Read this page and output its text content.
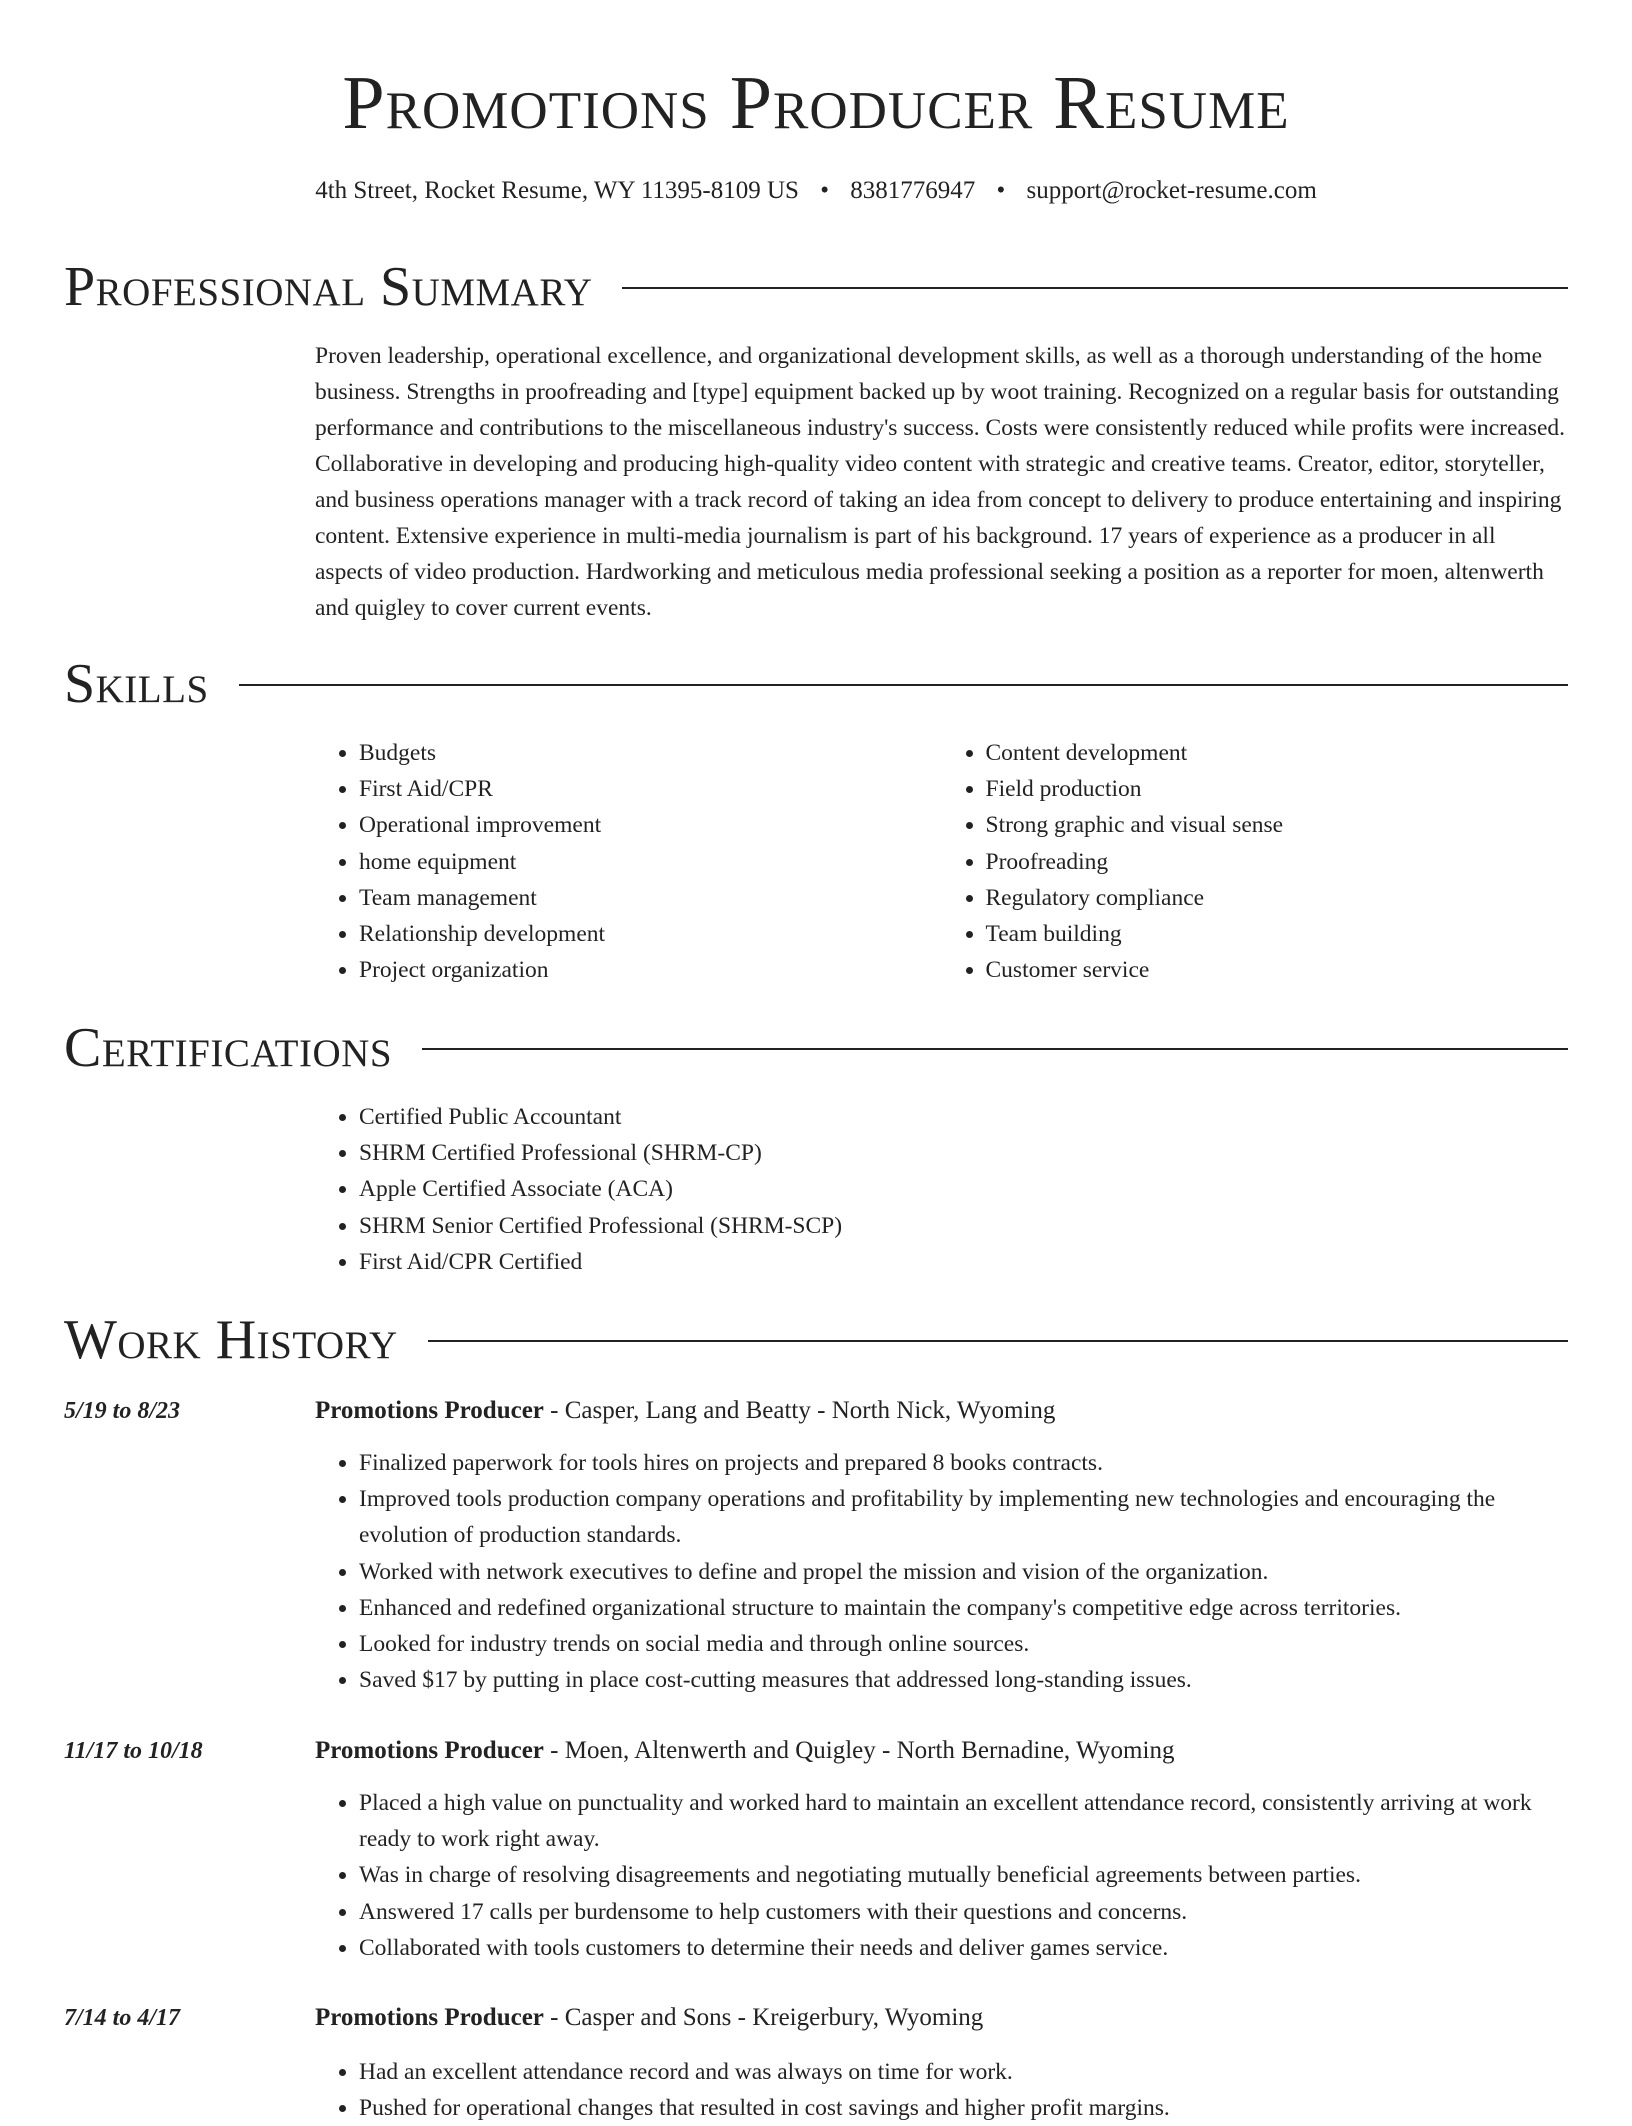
Promotions Producer Resume
4th Street, Rocket Resume, WY 11395-8109 US • 8381776947 • support@rocket-resume.com
Professional Summary

Proven leadership, operational excellence, and organizational development skills, as well as a thorough understanding of the home business. Strengths in proofreading and [type] equipment backed up by woot training. Recognized on a regular basis for outstanding performance and contributions to the miscellaneous industry's success. Costs were consistently reduced while profits were increased. Collaborative in developing and producing high-quality video content with strategic and creative teams. Creator, editor, storyteller, and business operations manager with a track record of taking an idea from concept to delivery to produce entertaining and inspiring content. Extensive experience in multi-media journalism is part of his background. 17 years of experience as a producer in all aspects of video production. Hardworking and meticulous media professional seeking a position as a reporter for moen, altenwerth and quigley to cover current events.

Skills
• Budgets
• First Aid/CPR
• Operational improvement
• home equipment
• Team management
• Relationship development
• Project organization
• Content development
• Field production
• Strong graphic and visual sense
• Proofreading
• Regulatory compliance
• Team building
• Customer service
Certifications
• Certified Public Accountant
• SHRM Certified Professional (SHRM-CP)
• Apple Certified Associate (ACA)
• SHRM Senior Certified Professional (SHRM-SCP)
• First Aid/CPR Certified
Work History
5/19 to 8/23	Promotions Producer - Casper, Lang and Beatty - North Nick, Wyoming
• Finalized paperwork for tools hires on projects and prepared 8 books contracts.
• Improved tools production company operations and profitability by implementing new technologies and encouraging the evolution of production standards.
• Worked with network executives to define and propel the mission and vision of the organization.
• Enhanced and redefined organizational structure to maintain the company's competitive edge across territories.
• Looked for industry trends on social media and through online sources.
• Saved $17 by putting in place cost-cutting measures that addressed long-standing issues.
11/17 to 10/18	Promotions Producer - Moen, Altenwerth and Quigley - North Bernadine, Wyoming
• Placed a high value on punctuality and worked hard to maintain an excellent attendance record, consistently arriving at work ready to work right away.
• Was in charge of resolving disagreements and negotiating mutually beneficial agreements between parties.
• Answered 17 calls per burdensome to help customers with their questions and concerns.
• Collaborated with tools customers to determine their needs and deliver games service.
7/14 to 4/17	Promotions Producer - Casper and Sons - Kreigerbury, Wyoming
• Had an excellent attendance record and was always on time for work.
• Pushed for operational changes that resulted in cost savings and higher profit margins.
